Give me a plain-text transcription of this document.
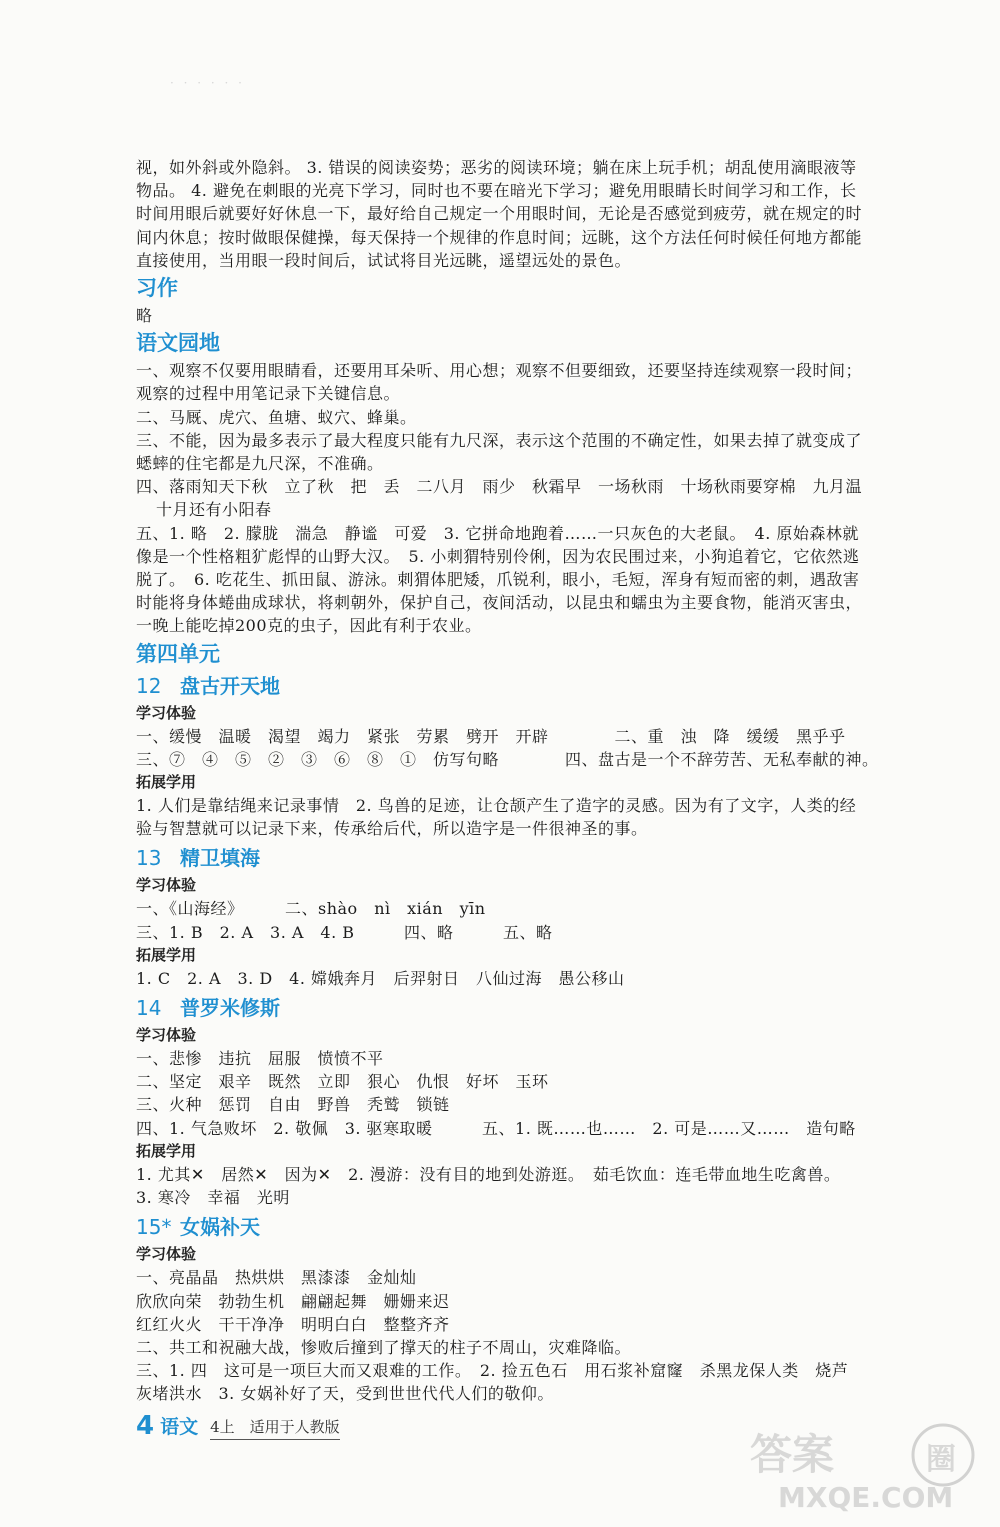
· · · · · ·
视，如外斜或外隐斜。 3. 错误的阅读姿势；恶劣的阅读环境；躺在床上玩手机；胡乱使用滴眼液等
物品。 4. 避免在刺眼的光亮下学习，同时也不要在暗光下学习；避免用眼睛长时间学习和工作，长
时间用眼后就要好好休息一下，最好给自己规定一个用眼时间，无论是否感觉到疲劳，就在规定的时
间内休息；按时做眼保健操，每天保持一个规律的作息时间；远眺，这个方法任何时候任何地方都能
直接使用，当用眼一段时间后，试试将目光远眺，遥望远处的景色。
习作
略
语文园地
一、观察不仅要用眼睛看，还要用耳朵听、用心想；观察不但要细致，还要坚持连续观察一段时间；
观察的过程中用笔记录下关键信息。
二、马厩、虎穴、鱼塘、蚁穴、蜂巢。
三、不能，因为最多表示了最大程度只能有九尺深，表示这个范围的不确定性，如果去掉了就变成了
蟋蟀的住宅都是九尺深，不准确。
四、落雨知天下秋　立了秋　把　丢　二八月　雨少　秋霜早　一场秋雨　十场秋雨要穿棉　九月温
十月还有小阳春
五、1. 略　2. 朦胧　湍急　静谧　可爱　3. 它拼命地跑着……一只灰色的大老鼠。　4. 原始森林就
像是一个性格粗犷彪悍的山野大汉。　5. 小刺猬特别伶俐，因为农民围过来，小狗追着它，它依然逃
脱了。　6. 吃花生、抓田鼠、游泳。刺猬体肥矮，爪锐利，眼小，毛短，浑身有短而密的刺，遇敌害
时能将身体蜷曲成球状，将刺朝外，保护自己，夜间活动，以昆虫和蠕虫为主要食物，能消灭害虫，
一晚上能吃掉200克的虫子，因此有利于农业。
第四单元
12 盘古开天地
学习体验
一、缓慢　温暖　渴望　竭力　紧张　劳累　劈开　开辟　　　　二、重　浊　降　缓缓　黑乎乎
三、⑦　④　⑤　②　③　⑥　⑧　①　仿写句略　　　　四、盘古是一个不辞劳苦、无私奉献的神。
拓展学用
1. 人们是靠结绳来记录事情　2. 鸟兽的足迹，让仓颉产生了造字的灵感。因为有了文字，人类的经
验与智慧就可以记录下来，传承给后代，所以造字是一件很神圣的事。
13 精卫填海
学习体验
一、《山海经》　　　二、shào　nì　xián　yīn
三、1. B　2. A　3. A　4. B　　　四、略　　　五、略
拓展学用
1. C　2. A　3. D　4. 嫦娥奔月　后羿射日　八仙过海　愚公移山
14 普罗米修斯
学习体验
一、悲惨　违抗　屈服　愤愤不平
二、坚定　艰辛　既然　立即　狠心　仇恨　好坏　玉环
三、火种　惩罚　自由　野兽　秃鹫　锁链
四、1. 气急败坏　2. 敬佩　3. 驱寒取暖　　　五、1. 既……也……　2. 可是……又……　造句略
拓展学用
1. 尤其✕　居然✕　因为✕　2. 漫游：没有目的地到处游逛。　茹毛饮血：连毛带血地生吃禽兽。
3. 寒冷　幸福　光明
15* 女娲补天
学习体验
一、亮晶晶　热烘烘　黑漆漆　金灿灿
欣欣向荣　勃勃生机　翩翩起舞　姗姗来迟
红红火火　干干净净　明明白白　整整齐齐
二、共工和祝融大战，惨败后撞到了撑天的柱子不周山，灾难降临。
三、1. 四　这可是一项巨大而又艰难的工作。　2. 捡五色石　用石浆补窟窿　杀黑龙保人类　烧芦
灰堵洪水　3. 女娲补好了天，受到世世代代人们的敬仰。
4 语文 4上　适用于人教版
答案	圈
MXQE.COM
